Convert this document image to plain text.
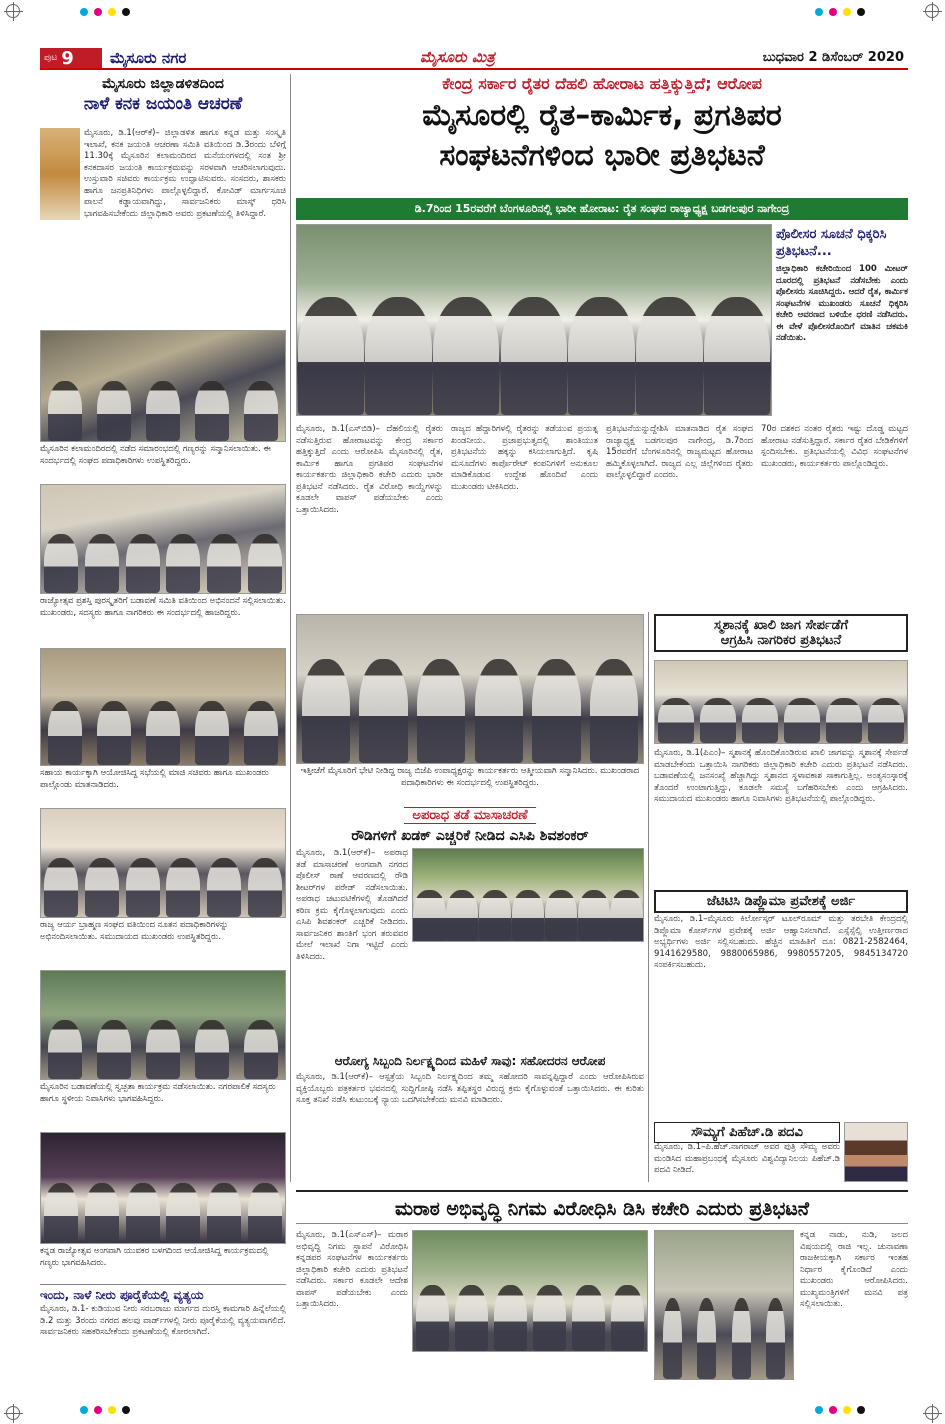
ಪುಟ 9 ಮೈಸೂರು ನಗರ	ಮೈಸೂರು ಮಿತ್ರ	ಬುಧವಾರ 2 ಡಿಸೆಂಬರ್ 2020
ಮೈಸೂರು ಜಿಲ್ಲಾಡಳಿತದಿಂದ
ನಾಳೆ ಕನಕ ಜಯಂತಿ ಆಚರಣೆ
ಮೈಸೂರು, ಡಿ.1(ಆರ್‌ಕೆ)– ಜಿಲ್ಲಾಡಳಿತ ಹಾಗೂ ಕನ್ನಡ ಮತ್ತು ಸಂಸ್ಕೃತಿ ಇಲಾಖೆ, ಕನಕ ಜಯಂತಿ ಆಚರಣಾ ಸಮಿತಿ ವತಿಯಿಂದ ಡಿ.3ರಂದು ಬೆಳಿಗ್ಗೆ 11.30ಕ್ಕೆ ಮೈಸೂರಿನ ಕಲಾಮಂದಿರದ ಮನೆಯಂಗಳದಲ್ಲಿ ಸಂತ ಶ್ರೀ ಕನಕದಾಸರ ಜಯಂತಿ ಕಾರ್ಯಕ್ರಮವನ್ನು ಸರಳವಾಗಿ ಆಚರಿಸಲಾಗುವುದು. ಉಸ್ತುವಾರಿ ಸಚಿವರು ಕಾರ್ಯಕ್ರಮ ಉದ್ಘಾಟಿಸುವರು. ಸಂಸದರು, ಶಾಸಕರು ಹಾಗೂ ಜನಪ್ರತಿನಿಧಿಗಳು ಪಾಲ್ಗೊಳ್ಳಲಿದ್ದಾರೆ. ಕೋವಿಡ್ ಮಾರ್ಗಸೂಚಿ ಪಾಲನೆ ಕಡ್ಡಾಯವಾಗಿದ್ದು, ಸಾರ್ವಜನಿಕರು ಮಾಸ್ಕ್ ಧರಿಸಿ ಭಾಗವಹಿಸಬೇಕೆಂದು ಜಿಲ್ಲಾಧಿಕಾರಿ ಅವರು ಪ್ರಕಟಣೆಯಲ್ಲಿ ತಿಳಿಸಿದ್ದಾರೆ.
ಮೈಸೂರಿನ ಕಲಾಮಂದಿರದಲ್ಲಿ ನಡೆದ ಸಮಾರಂಭದಲ್ಲಿ ಗಣ್ಯರನ್ನು ಸನ್ಮಾನಿಸಲಾಯಿತು. ಈ ಸಂದರ್ಭದಲ್ಲಿ ಸಂಘದ ಪದಾಧಿಕಾರಿಗಳು ಉಪಸ್ಥಿತರಿದ್ದರು.
ರಾಜ್ಯೋತ್ಸವ ಪ್ರಶಸ್ತಿ ಪುರಸ್ಕೃತರಿಗೆ ಬಡಾವಣೆ ಸಮಿತಿ ವತಿಯಿಂದ ಅಭಿನಂದನೆ ಸಲ್ಲಿಸಲಾಯಿತು. ಮುಖಂಡರು, ಸದಸ್ಯರು ಹಾಗೂ ನಾಗರಿಕರು ಈ ಸಂದರ್ಭದಲ್ಲಿ ಹಾಜರಿದ್ದರು.
ಸಹಾಯ ಕಾರ್ಯಕ್ಕಾಗಿ ಆಯೋಜಿಸಿದ್ದ ಸಭೆಯಲ್ಲಿ ಮಾಜಿ ಸಚಿವರು ಹಾಗೂ ಮುಖಂಡರು ಪಾಲ್ಗೊಂಡು ಮಾತನಾಡಿದರು.
ರಾಜ್ಯ ಆರ್ಯ ಬ್ರಾಹ್ಮಣ ಸಂಘದ ವತಿಯಿಂದ ನೂತನ ಪದಾಧಿಕಾರಿಗಳನ್ನು ಅಭಿನಂದಿಸಲಾಯಿತು. ಸಮುದಾಯದ ಮುಖಂಡರು ಉಪಸ್ಥಿತರಿದ್ದರು.
ಮೈಸೂರಿನ ಬಡಾವಣೆಯಲ್ಲಿ ಸ್ವಚ್ಛತಾ ಕಾರ್ಯಕ್ರಮ ನಡೆಸಲಾಯಿತು. ನಗರಪಾಲಿಕೆ ಸದಸ್ಯರು ಹಾಗೂ ಸ್ಥಳೀಯ ನಿವಾಸಿಗಳು ಭಾಗವಹಿಸಿದ್ದರು.
ಕನ್ನಡ ರಾಜ್ಯೋತ್ಸವ ಅಂಗವಾಗಿ ಯುವಕರ ಬಳಗದಿಂದ ಆಯೋಜಿಸಿದ್ದ ಕಾರ್ಯಕ್ರಮದಲ್ಲಿ ಗಣ್ಯರು ಭಾಗವಹಿಸಿದರು.
ಇಂದು, ನಾಳೆ ನೀರು ಪೂರೈಕೆಯಲ್ಲಿ ವ್ಯತ್ಯಯ
ಮೈಸೂರು, ಡಿ.1- ಕುಡಿಯುವ ನೀರು ಸರಬರಾಜು ಮಾರ್ಗದ ದುರಸ್ತಿ ಕಾಮಗಾರಿ ಹಿನ್ನೆಲೆಯಲ್ಲಿ ಡಿ.2 ಮತ್ತು 3ರಂದು ನಗರದ ಹಲವು ವಾರ್ಡ್‌ಗಳಲ್ಲಿ ನೀರು ಪೂರೈಕೆಯಲ್ಲಿ ವ್ಯತ್ಯಯವಾಗಲಿದೆ. ಸಾರ್ವಜನಿಕರು ಸಹಕರಿಸಬೇಕೆಂದು ಪ್ರಕಟಣೆಯಲ್ಲಿ ಕೋರಲಾಗಿದೆ.
ಕೇಂದ್ರ ಸರ್ಕಾರ ರೈತರ ದೆಹಲಿ ಹೋರಾಟ ಹತ್ತಿಕ್ಕುತ್ತಿದೆ; ಆರೋಪ
ಮೈಸೂರಲ್ಲಿ ರೈತ–ಕಾರ್ಮಿಕ, ಪ್ರಗತಿಪರ
ಸಂಘಟನೆಗಳಿಂದ ಭಾರೀ ಪ್ರತಿಭಟನೆ
ಡಿ.7ರಿಂದ 15ರವರೆಗೆ ಬೆಂಗಳೂರಿನಲ್ಲಿ ಭಾರೀ ಹೋರಾಟ: ರೈತ ಸಂಘದ ರಾಜ್ಯಾಧ್ಯಕ್ಷ ಬಡಗಲಪುರ ನಾಗೇಂದ್ರ
ಪೊಲೀಸರ ಸೂಚನೆ ಧಿಕ್ಕರಿಸಿ ಪ್ರತಿಭಟನೆ...
ಜಿಲ್ಲಾಧಿಕಾರಿ ಕಚೇರಿಯಿಂದ 100 ಮೀಟರ್ ದೂರದಲ್ಲಿ ಪ್ರತಿಭಟನೆ ನಡೆಸಬೇಕು ಎಂದು ಪೊಲೀಸರು ಸೂಚಿಸಿದ್ದರು. ಆದರೆ ರೈತ, ಕಾರ್ಮಿಕ ಸಂಘಟನೆಗಳ ಮುಖಂಡರು ಸೂಚನೆ ಧಿಕ್ಕರಿಸಿ ಕಚೇರಿ ಆವರಣದ ಬಳಿಯೇ ಧರಣಿ ನಡೆಸಿದರು. ಈ ವೇಳೆ ಪೊಲೀಸರೊಂದಿಗೆ ಮಾತಿನ ಚಕಮಕಿ ನಡೆಯಿತು.
ಮೈಸೂರು, ಡಿ.1(ಎಸ್‌ಬಿಡಿ)– ದೆಹಲಿಯಲ್ಲಿ ರೈತರು ನಡೆಸುತ್ತಿರುವ ಹೋರಾಟವನ್ನು ಕೇಂದ್ರ ಸರ್ಕಾರ ಹತ್ತಿಕ್ಕುತ್ತಿದೆ ಎಂದು ಆರೋಪಿಸಿ ಮೈಸೂರಿನಲ್ಲಿ ರೈತ, ಕಾರ್ಮಿಕ ಹಾಗೂ ಪ್ರಗತಿಪರ ಸಂಘಟನೆಗಳ ಕಾರ್ಯಕರ್ತರು ಜಿಲ್ಲಾಧಿಕಾರಿ ಕಚೇರಿ ಎದುರು ಭಾರೀ ಪ್ರತಿಭಟನೆ ನಡೆಸಿದರು. ರೈತ ವಿರೋಧಿ ಕಾಯ್ದೆಗಳನ್ನು ಕೂಡಲೇ ವಾಪಸ್ ಪಡೆಯಬೇಕು ಎಂದು ಒತ್ತಾಯಿಸಿದರು.
ರಾಜ್ಯದ ಹೆದ್ದಾರಿಗಳಲ್ಲಿ ರೈತರನ್ನು ತಡೆಯುವ ಪ್ರಯತ್ನ ಖಂಡನೀಯ. ಪ್ರಜಾಪ್ರಭುತ್ವದಲ್ಲಿ ಶಾಂತಿಯುತ ಪ್ರತಿಭಟನೆಯ ಹಕ್ಕನ್ನು ಕಸಿಯಲಾಗುತ್ತಿದೆ. ಕೃಷಿ ಮಸೂದೆಗಳು ಕಾರ್ಪೊರೇಟ್ ಕಂಪನಿಗಳಿಗೆ ಅನುಕೂಲ ಮಾಡಿಕೊಡುವ ಉದ್ದೇಶ ಹೊಂದಿವೆ ಎಂದು ಮುಖಂಡರು ಟೀಕಿಸಿದರು.
ಪ್ರತಿಭಟನೆಯನ್ನುದ್ದೇಶಿಸಿ ಮಾತನಾಡಿದ ರೈತ ಸಂಘದ ರಾಜ್ಯಾಧ್ಯಕ್ಷ ಬಡಗಲಪುರ ನಾಗೇಂದ್ರ, ಡಿ.7ರಿಂದ 15ರವರೆಗೆ ಬೆಂಗಳೂರಿನಲ್ಲಿ ರಾಜ್ಯಮಟ್ಟದ ಹೋರಾಟ ಹಮ್ಮಿಕೊಳ್ಳಲಾಗಿದೆ. ರಾಜ್ಯದ ಎಲ್ಲ ಜಿಲ್ಲೆಗಳಿಂದ ರೈತರು ಪಾಲ್ಗೊಳ್ಳಲಿದ್ದಾರೆ ಎಂದರು.
70ರ ದಶಕದ ನಂತರ ರೈತರು ಇಷ್ಟು ದೊಡ್ಡ ಮಟ್ಟದ ಹೋರಾಟ ನಡೆಸುತ್ತಿದ್ದಾರೆ. ಸರ್ಕಾರ ರೈತರ ಬೇಡಿಕೆಗಳಿಗೆ ಸ್ಪಂದಿಸಬೇಕು. ಪ್ರತಿಭಟನೆಯಲ್ಲಿ ವಿವಿಧ ಸಂಘಟನೆಗಳ ಮುಖಂಡರು, ಕಾರ್ಯಕರ್ತರು ಪಾಲ್ಗೊಂಡಿದ್ದರು.
ಇತ್ತೀಚೆಗೆ ಮೈಸೂರಿಗೆ ಭೇಟಿ ನೀಡಿದ್ದ ರಾಜ್ಯ ಬಿಜೆಪಿ ಉಪಾಧ್ಯಕ್ಷರನ್ನು ಕಾರ್ಯಕರ್ತರು ಆತ್ಮೀಯವಾಗಿ ಸನ್ಮಾನಿಸಿದರು. ಮುಖಂಡರಾದ ಪದಾಧಿಕಾರಿಗಳು ಈ ಸಂದರ್ಭದಲ್ಲಿ ಉಪಸ್ಥಿತರಿದ್ದರು.
ಅಪರಾಧ ತಡೆ ಮಾಸಾಚರಣೆ
ರೌಡಿಗಳಿಗೆ ಖಡಕ್ ಎಚ್ಚರಿಕೆ ನೀಡಿದ ಎಸಿಪಿ ಶಿವಶಂಕರ್
ಮೈಸೂರು, ಡಿ.1(ಆರ್‌ಕೆ)– ಅಪರಾಧ ತಡೆ ಮಾಸಾಚರಣೆ ಅಂಗವಾಗಿ ನಗರದ ಪೊಲೀಸ್ ಠಾಣೆ ಆವರಣದಲ್ಲಿ ರೌಡಿ ಶೀಟರ್‌ಗಳ ಪರೇಡ್ ನಡೆಸಲಾಯಿತು. ಅಪರಾಧ ಚಟುವಟಿಕೆಗಳಲ್ಲಿ ತೊಡಗಿದರೆ ಕಠಿಣ ಕ್ರಮ ಕೈಗೊಳ್ಳಲಾಗುವುದು ಎಂದು ಎಸಿಪಿ ಶಿವಶಂಕರ್ ಎಚ್ಚರಿಕೆ ನೀಡಿದರು. ಸಾರ್ವಜನಿಕರ ಶಾಂತಿಗೆ ಭಂಗ ತರುವವರ ಮೇಲೆ ಇಲಾಖೆ ನಿಗಾ ಇಟ್ಟಿದೆ ಎಂದು ತಿಳಿಸಿದರು.
ಆರೋಗ್ಯ ಸಿಬ್ಬಂದಿ ನಿರ್ಲಕ್ಷ್ಯದಿಂದ ಮಹಿಳೆ ಸಾವು: ಸಹೋದರನ ಆರೋಪ
ಮೈಸೂರು, ಡಿ.1(ಆರ್‌ಕೆ)– ಆಸ್ಪತ್ರೆಯ ಸಿಬ್ಬಂದಿ ನಿರ್ಲಕ್ಷ್ಯದಿಂದ ತಮ್ಮ ಸಹೋದರಿ ಸಾವನ್ನಪ್ಪಿದ್ದಾರೆ ಎಂದು ಆರೋಪಿಸಿರುವ ವ್ಯಕ್ತಿಯೊಬ್ಬರು ಪತ್ರಕರ್ತರ ಭವನದಲ್ಲಿ ಸುದ್ದಿಗೋಷ್ಠಿ ನಡೆಸಿ ತಪ್ಪಿತಸ್ಥರ ವಿರುದ್ಧ ಕ್ರಮ ಕೈಗೊಳ್ಳುವಂತೆ ಒತ್ತಾಯಿಸಿದರು. ಈ ಕುರಿತು ಸೂಕ್ತ ತನಿಖೆ ನಡೆಸಿ ಕುಟುಂಬಕ್ಕೆ ನ್ಯಾಯ ಒದಗಿಸಬೇಕೆಂದು ಮನವಿ ಮಾಡಿದರು.
ಸ್ಮಶಾನಕ್ಕೆ ಖಾಲಿ ಜಾಗ ಸೇರ್ಪಡೆಗೆ
ಆಗ್ರಹಿಸಿ ನಾಗರಿಕರ ಪ್ರತಿಭಟನೆ
ಮೈಸೂರು, ಡಿ.1(ಪಿಎಂ)– ಸ್ಮಶಾನಕ್ಕೆ ಹೊಂದಿಕೊಂಡಿರುವ ಖಾಲಿ ಜಾಗವನ್ನು ಸ್ಮಶಾನಕ್ಕೆ ಸೇರ್ಪಡೆ ಮಾಡಬೇಕೆಂದು ಒತ್ತಾಯಿಸಿ ನಾಗರಿಕರು ಜಿಲ್ಲಾಧಿಕಾರಿ ಕಚೇರಿ ಎದುರು ಪ್ರತಿಭಟನೆ ನಡೆಸಿದರು. ಬಡಾವಣೆಯಲ್ಲಿ ಜನಸಂಖ್ಯೆ ಹೆಚ್ಚಾಗಿದ್ದು ಸ್ಮಶಾನದ ಸ್ಥಳಾವಕಾಶ ಸಾಕಾಗುತ್ತಿಲ್ಲ. ಅಂತ್ಯಸಂಸ್ಕಾರಕ್ಕೆ ತೊಂದರೆ ಉಂಟಾಗುತ್ತಿದ್ದು, ಕೂಡಲೇ ಸಮಸ್ಯೆ ಬಗೆಹರಿಸಬೇಕು ಎಂದು ಆಗ್ರಹಿಸಿದರು. ಸಮುದಾಯದ ಮುಖಂಡರು ಹಾಗೂ ನಿವಾಸಿಗಳು ಪ್ರತಿಭಟನೆಯಲ್ಲಿ ಪಾಲ್ಗೊಂಡಿದ್ದರು.
ಜೆಟಿಟಿಸಿ ಡಿಪ್ಲೊಮಾ ಪ್ರವೇಶಕ್ಕೆ ಅರ್ಜಿ
ಮೈಸೂರು, ಡಿ.1–ಮೈಸೂರು ಕಿರ್ಲೋಸ್ಕರ್ ಟೂಲ್‌ರೂಮ್ ಮತ್ತು ತರಬೇತಿ ಕೇಂದ್ರದಲ್ಲಿ ಡಿಪ್ಲೊಮಾ ಕೋರ್ಸ್‌ಗಳ ಪ್ರವೇಶಕ್ಕೆ ಅರ್ಜಿ ಆಹ್ವಾನಿಸಲಾಗಿದೆ. ಎಸ್ಸೆಸ್ಸೆಲ್ಸಿ ಉತ್ತೀರ್ಣರಾದ ಅಭ್ಯರ್ಥಿಗಳು ಅರ್ಜಿ ಸಲ್ಲಿಸಬಹುದು. ಹೆಚ್ಚಿನ ಮಾಹಿತಿಗೆ ದೂ: 0821-2582464, 9141629580, 9880065986, 9980557205, 9845134720 ಸಂಪರ್ಕಿಸಬಹುದು.
ಸೌಮ್ಯಗೆ ಪಿಹೆಚ್.ಡಿ ಪದವಿ
ಮೈಸೂರು, ಡಿ.1–ಪಿ.ಹೆಚ್.ನಾಗರಾಜ್ ಅವರ ಪುತ್ರಿ ಸೌಮ್ಯ ಅವರು ಮಂಡಿಸಿದ ಮಹಾಪ್ರಬಂಧಕ್ಕೆ ಮೈಸೂರು ವಿಶ್ವವಿದ್ಯಾನಿಲಯ ಪಿಹೆಚ್.ಡಿ ಪದವಿ ನೀಡಿದೆ.
ಮರಾಠ ಅಭಿವೃದ್ಧಿ ನಿಗಮ ವಿರೋಧಿಸಿ ಡಿಸಿ ಕಚೇರಿ ಎದುರು ಪ್ರತಿಭಟನೆ
ಮೈಸೂರು, ಡಿ.1(ಎಸ್‌ಎಸ್)– ಮರಾಠ ಅಭಿವೃದ್ಧಿ ನಿಗಮ ಸ್ಥಾಪನೆ ವಿರೋಧಿಸಿ ಕನ್ನಡಪರ ಸಂಘಟನೆಗಳ ಕಾರ್ಯಕರ್ತರು ಜಿಲ್ಲಾಧಿಕಾರಿ ಕಚೇರಿ ಎದುರು ಪ್ರತಿಭಟನೆ ನಡೆಸಿದರು. ಸರ್ಕಾರ ಕೂಡಲೇ ಆದೇಶ ವಾಪಸ್ ಪಡೆಯಬೇಕು ಎಂದು ಒತ್ತಾಯಿಸಿದರು.
ಕನ್ನಡ ನಾಡು, ನುಡಿ, ಜಲದ ವಿಷಯದಲ್ಲಿ ರಾಜಿ ಇಲ್ಲ. ಚುನಾವಣಾ ರಾಜಕೀಯಕ್ಕಾಗಿ ಸರ್ಕಾರ ಇಂತಹ ನಿರ್ಧಾರ ಕೈಗೊಂಡಿದೆ ಎಂದು ಮುಖಂಡರು ಆರೋಪಿಸಿದರು. ಮುಖ್ಯಮಂತ್ರಿಗಳಿಗೆ ಮನವಿ ಪತ್ರ ಸಲ್ಲಿಸಲಾಯಿತು.
